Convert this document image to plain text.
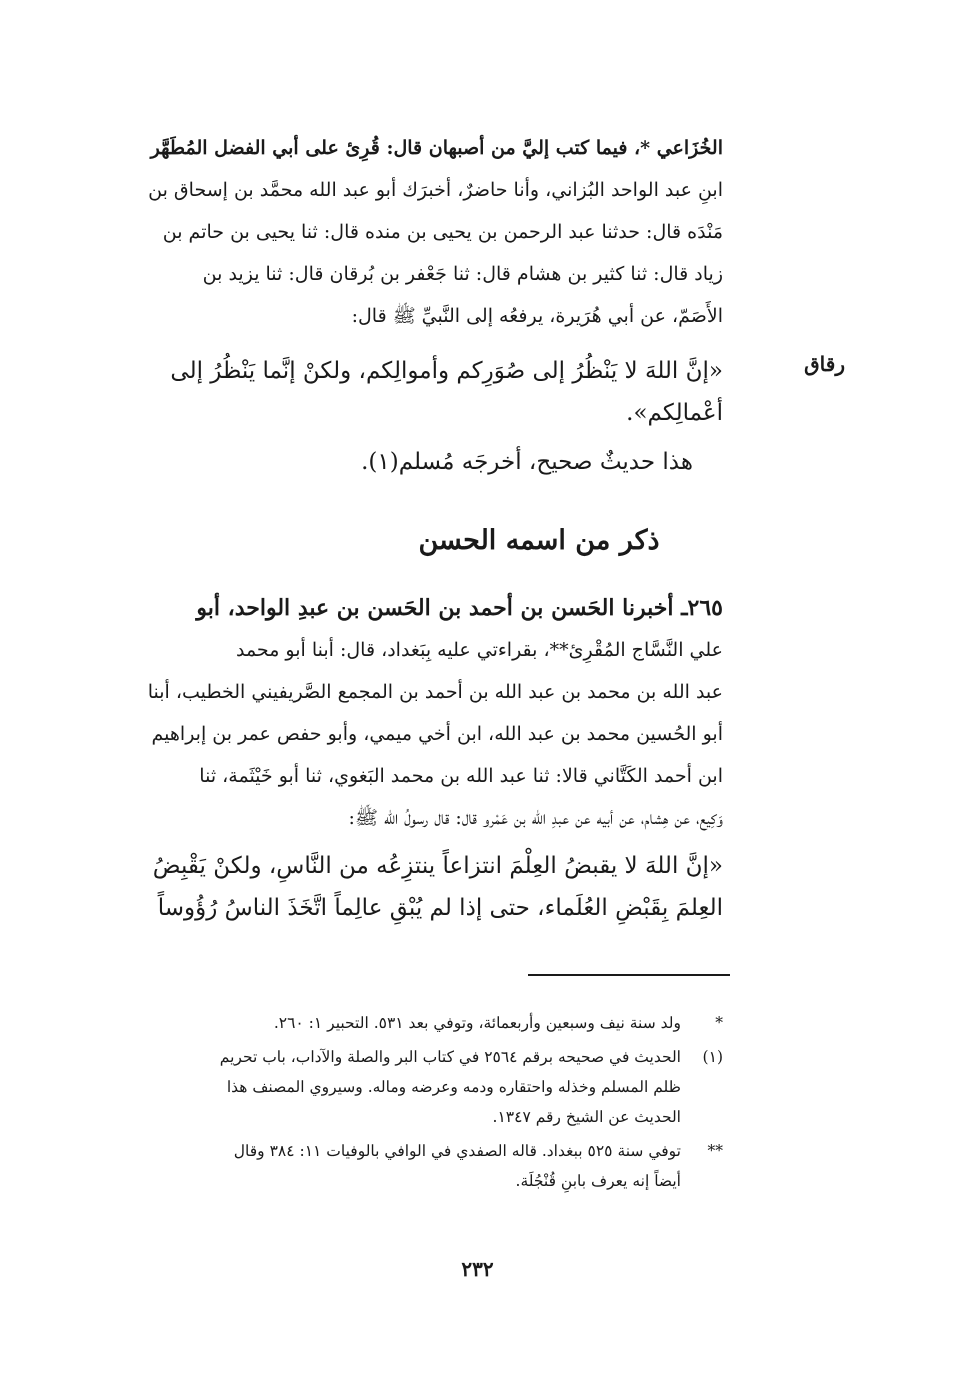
رقاق
الخُزَاعي *، فيما كتب إليَّ من أصبهان قال: قُرِئ على أبي الفضل المُطَهَّر
ابنِ عبد الواحد البُزاني، وأنا حاضرٌ، أخبرَك أبو عبد الله محمَّد بن إسحاق بن
مَنْدَه قال: حدثنا عبد الرحمن بن يحيى بن منده قال: ثنا يحيى بن حاتم بن
زياد قال: ثنا كثير بن هشام قال: ثنا جَعْفر بن بُرقان قال: ثنا يزيد بن
الأَصَمّ، عن أبي هُرَيرة، يرفعُه إلى النَّبيِّ ﷺ قال:
«إنَّ اللهَ لا يَنْظُرُ إلى صُوَرِكم وأموالِكم، ولكنْ إنَّما يَنْظُرُ إلى
أعْمالِكم».
هذا حديثٌ صحيح، أخرجَه مُسلم(١).
ذكر من اسمه الحسن
٢٦٥ـ أخبرنا الحَسن بن أحمد بن الحَسن بن عبدِ الواحد، أبو
علي النَّسَّاج المُقْرِئ**، بقراءتي عليه بِبَغداد، قال: أبنا أبو محمد
عبد الله بن محمد بن عبد الله بن أحمد بن المجمع الصَّريفيني الخطيب، أبنا
أبو الحُسين محمد بن عبد الله، ابن أخي ميمي، وأبو حفص عمر بن إبراهيم
ابن أحمد الكَتَّاني قالا: ثنا عبد الله بن محمد البَغوي، ثنا أبو خَيْثَمة، ثنا
وَكِيع، عن هِشام، عن أبيه عن عبدِ الله بن عَمْرو قال: قال رسولُ الله ﷺ:
«إنَّ اللهَ لا يقبضُ العِلْمَ انتزاعاً ينتزِعُه من النَّاسِ، ولكنْ يَقْبِضُ
العِلمَ بِقَبْضِ العُلَماء، حتى إذا لم يُبْقِ عالِماً اتَّخَذَ الناسُ رُؤُوساً
*
ولد سنة نيف وسبعين وأربعمائة، وتوفي بعد ٥٣١. التحبير ١: ٢٦٠.
(١)
الحديث في صحيحه برقم ٢٥٦٤ في كتاب البر والصلة والآداب، باب تحريم
ظلم المسلم وخذله واحتقاره ودمه وعرضه وماله. وسيروي المصنف هذا
الحديث عن الشيخ رقم ١٣٤٧.
**
توفي سنة ٥٢٥ ببغداد. قاله الصفدي في الوافي بالوفيات ١١: ٣٨٤ وقال
أيضاً إنه يعرف بابنِ قُنْجُلَة.
٢٣٢
